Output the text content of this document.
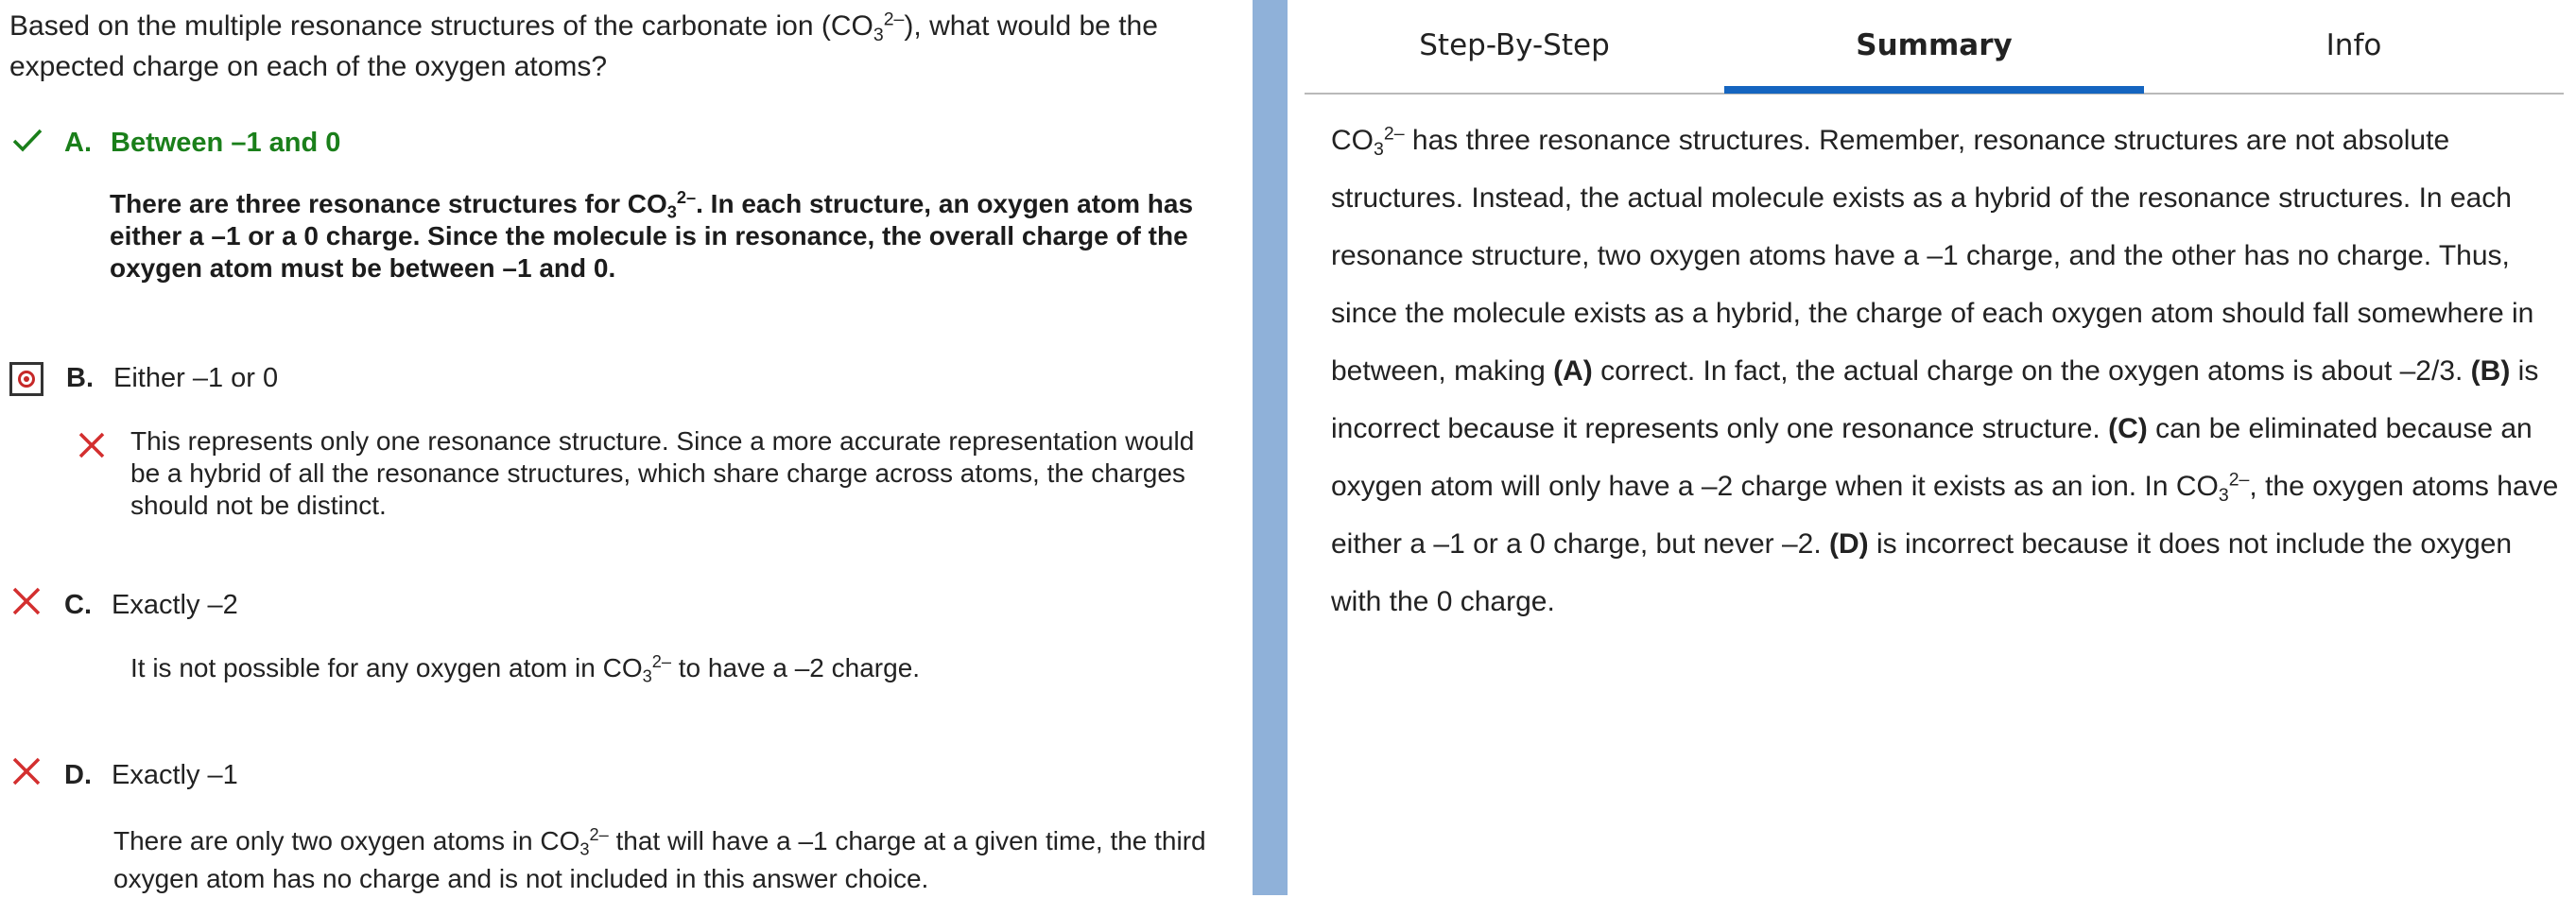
Based on the multiple resonance structures of the carbonate ion $(CO_3^{2-})$, what would be the expected charge on each of the oxygen atoms?
A. Between –1 and 0
There are three resonance structures for $CO_3^{2-}$. In each structure, an oxygen atom has either a –1 or a 0 charge. Since the molecule is in resonance, the overall charge of the oxygen atom must be between –1 and 0.
B. Either –1 or 0
This represents only one resonance structure. Since a more accurate representation would be a hybrid of all the resonance structures, which share charge across atoms, the charges should not be distinct.
C. Exactly –2
It is not possible for any oxygen atom in $CO_3^{2-}$ to have a –2 charge.
D. Exactly –1
There are only two oxygen atoms in $CO_3^{2-}$ that will have a –1 charge at a given time, the third oxygen atom has no charge and is not included in this answer choice.
Step-By-Step	Summary	Info

$CO_3^{2-}$ has three resonance structures. Remember, resonance structures are not absolute structures. Instead, the actual molecule exists as a hybrid of the resonance structures. In each resonance structure, two oxygen atoms have a –1 charge, and the other has no charge. Thus, since the molecule exists as a hybrid, the charge of each oxygen atom should fall somewhere in between, making (A) correct. In fact, the actual charge on the oxygen atoms is about –2/3. (B) is incorrect because it represents only one resonance structure. (C) can be eliminated because an oxygen atom will only have a –2 charge when it exists as an ion. In $CO_3^{2-}$, the oxygen atoms have either a –1 or a 0 charge, but never –2. (D) is incorrect because it does not include the oxygen with the 0 charge.
